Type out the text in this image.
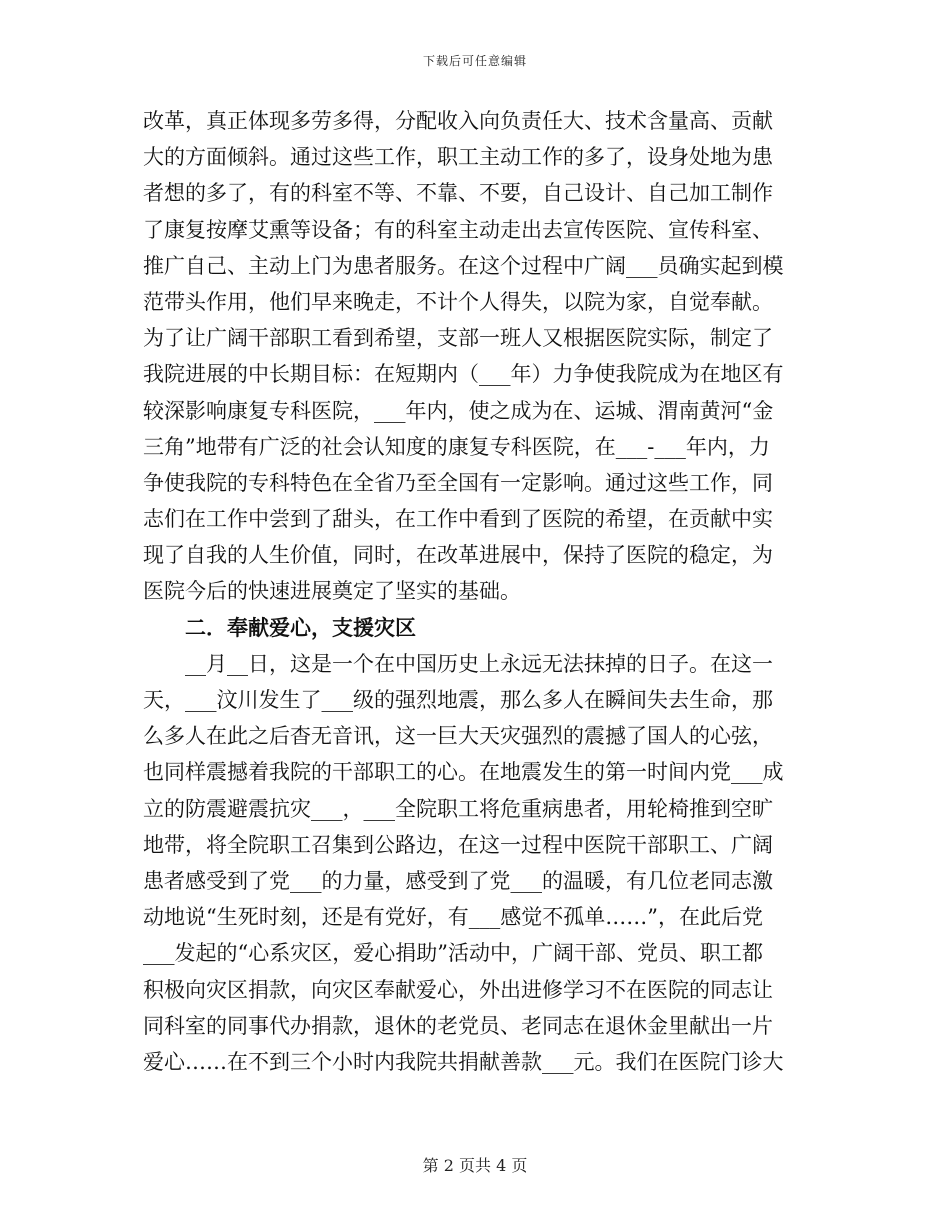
下载后可任意编辑
改革，真正体现多劳多得，分配收入向负责任大、技术含量高、贡献
大的方面倾斜。通过这些工作，职工主动工作的多了，设身处地为患
者想的多了，有的科室不等、不靠、不要，自己设计、自己加工制作
了康复按摩艾熏等设备；有的科室主动走出去宣传医院、宣传科室、
推广自己、主动上门为患者服务。在这个过程中广阔___员确实起到模
范带头作用，他们早来晚走，不计个人得失，以院为家，自觉奉献。
为了让广阔干部职工看到希望，支部一班人又根据医院实际，制定了
我院进展的中长期目标：在短期内（___年）力争使我院成为在地区有
较深影响康复专科医院，___年内，使之成为在、运城、渭南黄河“金
三角”地带有广泛的社会认知度的康复专科医院，在___-___年内，力
争使我院的专科特色在全省乃至全国有一定影响。通过这些工作，同
志们在工作中尝到了甜头，在工作中看到了医院的希望，在贡献中实
现了自我的人生价值，同时，在改革进展中，保持了医院的稳定，为
医院今后的快速进展奠定了坚实的基础。
二．奉献爱心，支援灾区
__月__日，这是一个在中国历史上永远无法抹掉的日子。在这一
天，___汶川发生了___级的强烈地震，那么多人在瞬间失去生命，那
么多人在此之后杳无音讯，这一巨大天灾强烈的震撼了国人的心弦，
也同样震撼着我院的干部职工的心。在地震发生的第一时间内党___成
立的防震避震抗灾___，___全院职工将危重病患者，用轮椅推到空旷
地带，将全院职工召集到公路边，在这一过程中医院干部职工、广阔
患者感受到了党___的力量，感受到了党___的温暖，有几位老同志激
动地说“生死时刻，还是有党好，有___感觉不孤单……”，在此后党
___发起的“心系灾区，爱心捐助”活动中，广阔干部、党员、职工都
积极向灾区捐款，向灾区奉献爱心，外出进修学习不在医院的同志让
同科室的同事代办捐款，退休的老党员、老同志在退休金里献出一片
爱心……在不到三个小时内我院共捐献善款___元。我们在医院门诊大
第 2 页共 4 页
